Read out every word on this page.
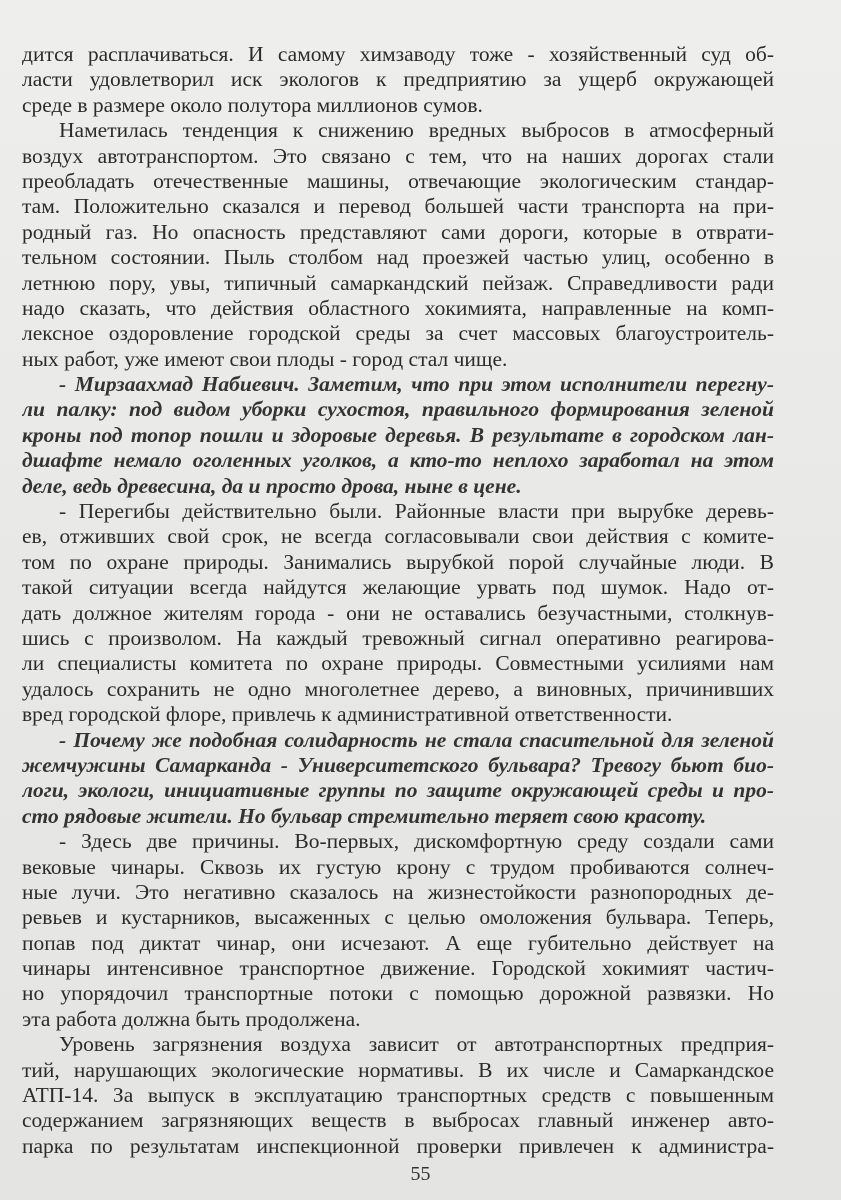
дится расплачиваться. И самому химзаводу тоже - хозяйственный суд об-
ласти удовлетворил иск экологов к предприятию за ущерб окружающей
среде в размере около полутора миллионов сумов.
Наметилась тенденция к снижению вредных выбросов в атмосферный
воздух автотранспортом. Это связано с тем, что на наших дорогах стали
преобладать отечественные машины, отвечающие экологическим стандар-
там. Положительно сказался и перевод большей части транспорта на при-
родный газ. Но опасность представляют сами дороги, которые в отврати-
тельном состоянии. Пыль столбом над проезжей частью улиц, особенно в
летнюю пору, увы, типичный самаркандский пейзаж. Справедливости ради
надо сказать, что действия областного хокимията, направленные на комп-
лексное оздоровление городской среды за счет массовых благоустроитель-
ных работ, уже имеют свои плоды - город стал чище.
- Мирзаахмад Набиевич. Заметим, что при этом исполнители перегну-
ли палку: под видом уборки сухостоя, правильного формирования зеленой
кроны под топор пошли и здоровые деревья. В результате в городском лан-
дшафте немало оголенных уголков, а кто-то неплохо заработал на этом
деле, ведь древесина, да и просто дрова, ныне в цене.
- Перегибы действительно были. Районные власти при вырубке деревь-
ев, отживших свой срок, не всегда согласовывали свои действия с комите-
том по охране природы. Занимались вырубкой порой случайные люди. В
такой ситуации всегда найдутся желающие урвать под шумок. Надо от-
дать должное жителям города - они не оставались безучастными, столкнув-
шись с произволом. На каждый тревожный сигнал оперативно реагирова-
ли специалисты комитета по охране природы. Совместными усилиями нам
удалось сохранить не одно многолетнее дерево, а виновных, причинивших
вред городской флоре, привлечь к административной ответственности.
- Почему же подобная солидарность не стала спасительной для зеленой
жемчужины Самарканда - Университетского бульвара? Тревогу бьют био-
логи, экологи, инициативные группы по защите окружающей среды и про-
сто рядовые жители. Но бульвар стремительно теряет свою красоту.
- Здесь две причины. Во-первых, дискомфортную среду создали сами
вековые чинары. Сквозь их густую крону с трудом пробиваются солнеч-
ные лучи. Это негативно сказалось на жизнестойкости разнопородных де-
ревьев и кустарников, высаженных с целью омоложения бульвара. Теперь,
попав под диктат чинар, они исчезают. А еще губительно действует на
чинары интенсивное транспортное движение. Городской хокимият частич-
но упорядочил транспортные потоки с помощью дорожной развязки. Но
эта работа должна быть продолжена.
Уровень загрязнения воздуха зависит от автотранспортных предприя-
тий, нарушающих экологические нормативы. В их числе и Самаркандское
АТП-14. За выпуск в эксплуатацию транспортных средств с повышенным
содержанием загрязняющих веществ в выбросах главный инженер авто-
парка по результатам инспекционной проверки привлечен к администра-
55
